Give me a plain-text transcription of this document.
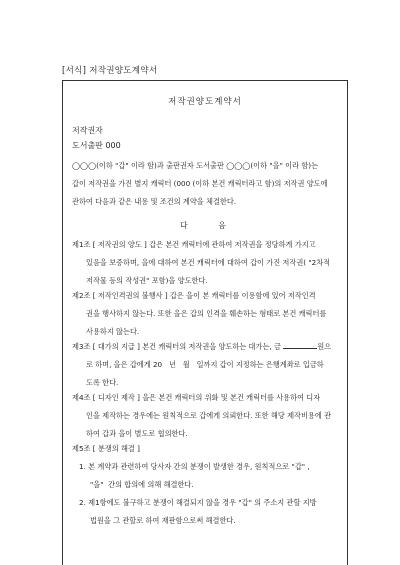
[서식] 저작권양도계약서
저작권양도계약서
저작권자
도서출판 000
◯◯◯(이하 "갑" 이라 함)과 출판권자 도서출판 ◯◯◯(이하 "을" 이라 함)는
갑이 저작권을 가진 별지 캐릭터 (000 (이하 본건 캐릭터라고 함)의 저작권 양도에
관하여 다음과 같은 내용 및 조건의 계약을 체결한다.
다 음
제1조 [ 저작권의 양도 ] 갑은 본건 캐릭터에 관하여 저작권을 정당하게 가지고
있음을 보증하며, 을에 대하여 본건 캐릭터에 대하여 갑이 가진 저작권( "2차적
저작물 등의 작성권" 포함)을 양도한다.
제2조 [ 저작인격권의 불행사 ] 갑은 을이 본 캐릭터를 이용함에 있어 저작인격
권을 행사하지 않는다. 또한 을은 갑의 인격을 훼손하는 형태로 본건 캐릭터를
사용하지 않는다.
제3조 [ 대가의 지급 ] 본건 캐릭터의 저작권을 양도하는 대가는, 금	원으
로 하며, 을은 갑에게 20   년   월   일까지 갑이 지정하는 은행계좌로 입금하
도록 한다.
제4조 [ 디자인 제작 ] 을은 본건 캐릭터의 위화 및 본건 캐릭터를 사용하여 디자
인을 제작하는 경우에는 원칙적으로 갑에게 의뢰한다. 또한 해당 제작비용에 관
하여 갑과 을이 별도로 협의한다.
제5조 [ 분쟁의 해결 ]
1. 본 계약과 관련하여 당사자 간의 분쟁이 발생한 경우, 원칙적으로 "갑" ,
"을"  간의 합의에 의해 해결한다.
2. 제1항에도 불구하고 분쟁이 해결되지 않을 경우 "갑" 의 주소지 관할 지방
법원을 그 관할로 하여 재판함으로써 해결한다.
